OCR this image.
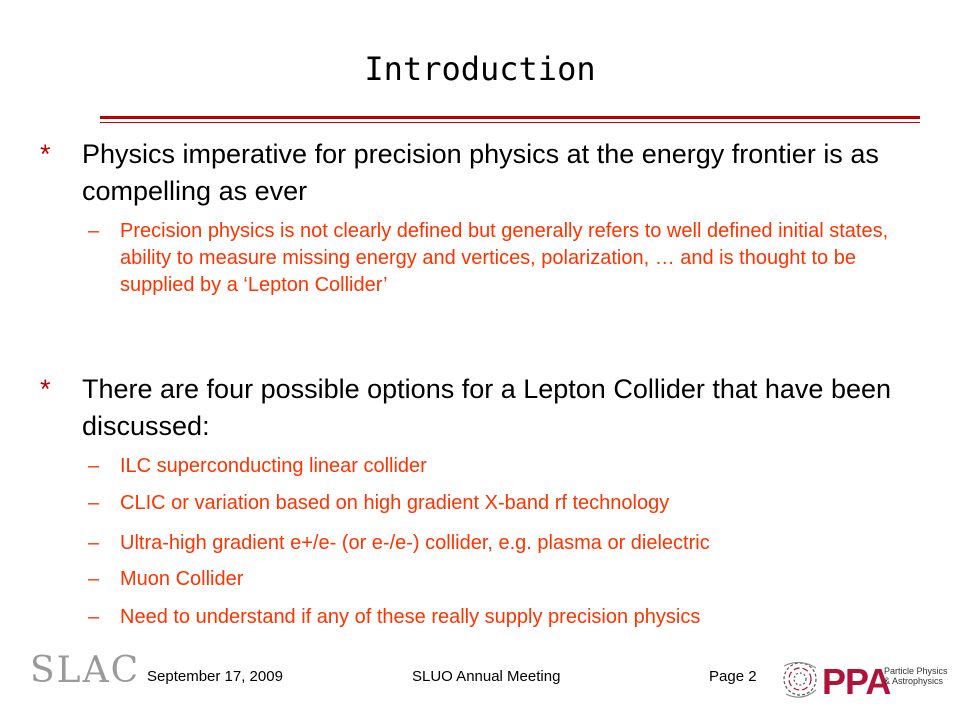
Introduction
* Physics imperative for precision physics at the energy frontier is as compelling as ever
– Precision physics is not clearly defined but generally refers to well defined initial states, ability to measure missing energy and vertices, polarization, … and is thought to be supplied by a ‘Lepton Collider’
* There are four possible options for a Lepton Collider that have been discussed:
– ILC superconducting linear collider
– CLIC or variation based on high gradient X-band rf technology
– Ultra-high gradient e+/e- (or e-/e-) collider, e.g. plasma or dielectric
– Muon Collider
– Need to understand if any of these really supply precision physics
SLAC September 17, 2009	SLUO Annual Meeting	Page 2 PPA
Particle Physics
& Astrophysics
